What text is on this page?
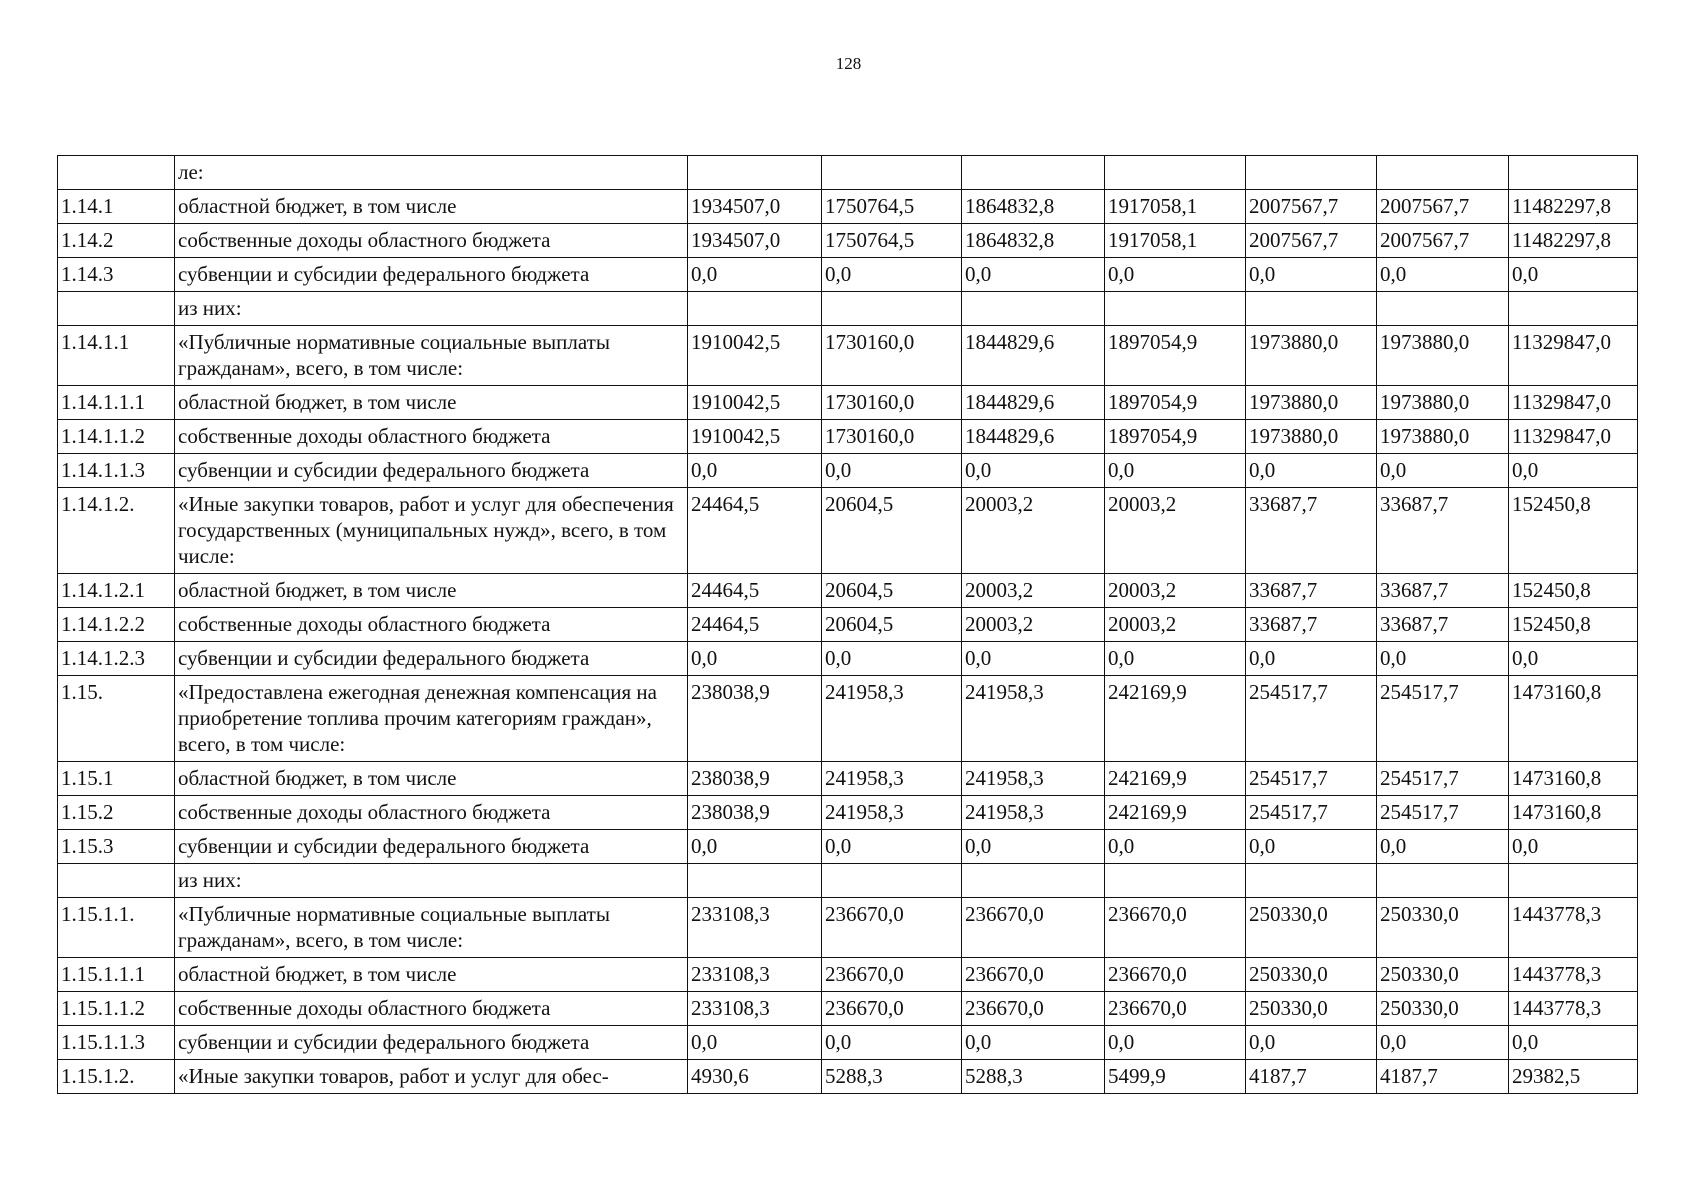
128
	ле:							
1.14.1	областной бюджет, в том числе	1934507,0	1750764,5	1864832,8	1917058,1	2007567,7	2007567,7	11482297,8
1.14.2	собственные доходы областного бюджета	1934507,0	1750764,5	1864832,8	1917058,1	2007567,7	2007567,7	11482297,8
1.14.3	субвенции и субсидии федерального бюджета	0,0	0,0	0,0	0,0	0,0	0,0	0,0
	из них:							
1.14.1.1	«Публичные нормативные социальные выплаты гражданам», всего, в том числе:	1910042,5	1730160,0	1844829,6	1897054,9	1973880,0	1973880,0	11329847,0
1.14.1.1.1	областной бюджет, в том числе	1910042,5	1730160,0	1844829,6	1897054,9	1973880,0	1973880,0	11329847,0
1.14.1.1.2	собственные доходы областного бюджета	1910042,5	1730160,0	1844829,6	1897054,9	1973880,0	1973880,0	11329847,0
1.14.1.1.3	субвенции и субсидии федерального бюджета	0,0	0,0	0,0	0,0	0,0	0,0	0,0
1.14.1.2.	«Иные закупки товаров, работ и услуг для обеспечения государственных (муниципальных нужд», всего, в том числе:	24464,5	20604,5	20003,2	20003,2	33687,7	33687,7	152450,8
1.14.1.2.1	областной бюджет, в том числе	24464,5	20604,5	20003,2	20003,2	33687,7	33687,7	152450,8
1.14.1.2.2	собственные доходы областного бюджета	24464,5	20604,5	20003,2	20003,2	33687,7	33687,7	152450,8
1.14.1.2.3	субвенции и субсидии федерального бюджета	0,0	0,0	0,0	0,0	0,0	0,0	0,0
1.15.	«Предоставлена ежегодная денежная компенсация на приобретение топлива прочим категориям граждан», всего, в том числе:	238038,9	241958,3	241958,3	242169,9	254517,7	254517,7	1473160,8
1.15.1	областной бюджет, в том числе	238038,9	241958,3	241958,3	242169,9	254517,7	254517,7	1473160,8
1.15.2	собственные доходы областного бюджета	238038,9	241958,3	241958,3	242169,9	254517,7	254517,7	1473160,8
1.15.3	субвенции и субсидии федерального бюджета	0,0	0,0	0,0	0,0	0,0	0,0	0,0
	из них:							
1.15.1.1.	«Публичные нормативные социальные выплаты гражданам», всего, в том числе:	233108,3	236670,0	236670,0	236670,0	250330,0	250330,0	1443778,3
1.15.1.1.1	областной бюджет, в том числе	233108,3	236670,0	236670,0	236670,0	250330,0	250330,0	1443778,3
1.15.1.1.2	собственные доходы областного бюджета	233108,3	236670,0	236670,0	236670,0	250330,0	250330,0	1443778,3
1.15.1.1.3	субвенции и субсидии федерального бюджета	0,0	0,0	0,0	0,0	0,0	0,0	0,0
1.15.1.2.	«Иные закупки товаров, работ и услуг для обес-	4930,6	5288,3	5288,3	5499,9	4187,7	4187,7	29382,5
